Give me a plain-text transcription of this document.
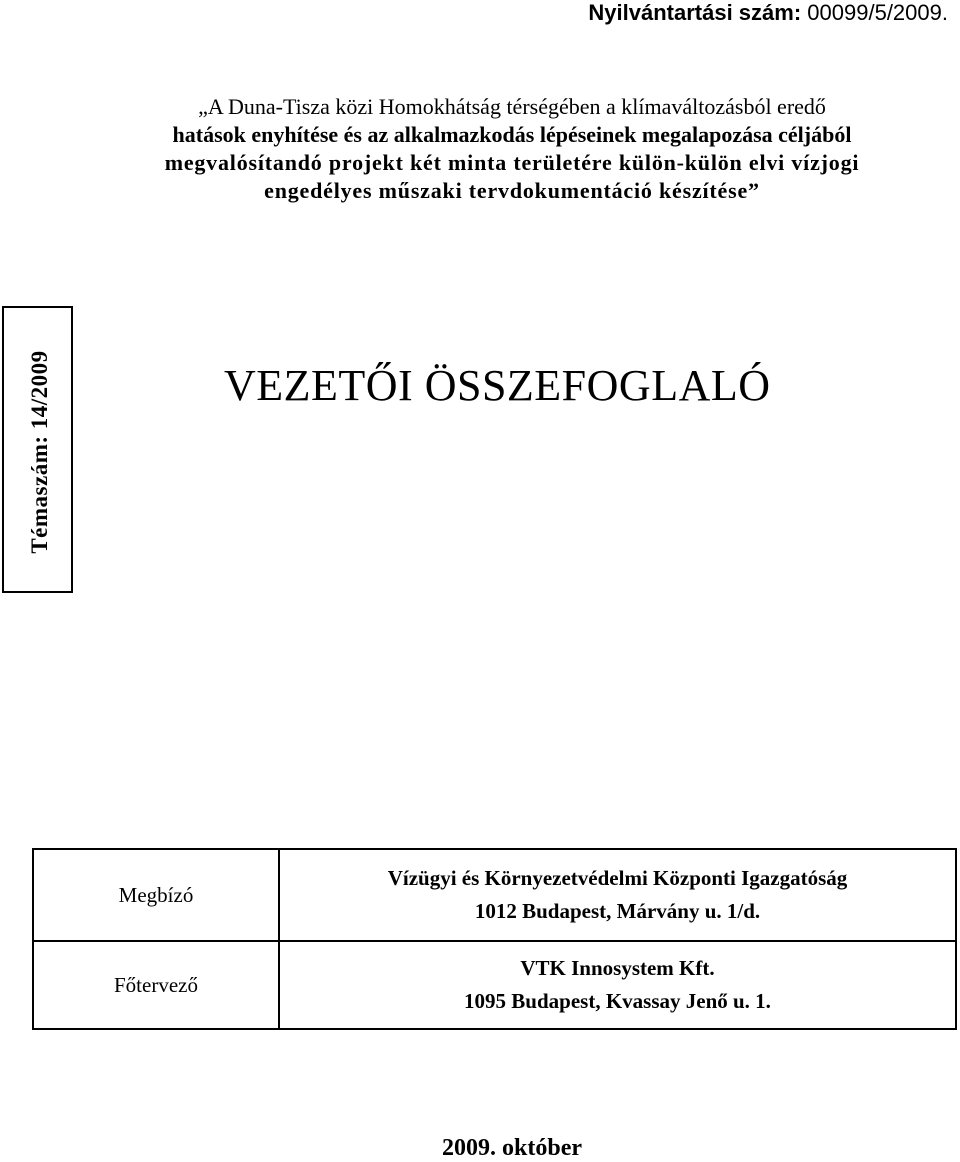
Nyilvántartási szám: 00099/5/2009.
„A Duna-Tisza közi Homokhátság térségében a klímaváltozásból eredő
hatások enyhítése és az alkalmazkodás lépéseinek megalapozása céljából
megvalósítandó projekt két minta területére külön-külön elvi vízjogi
engedélyes műszaki tervdokumentáció készítése”
Témaszám: 14/2009	VEZETŐI ÖSSZEFOGLALÓ
Megbízó	Vízügyi és Környezetvédelmi Központi Igazgatóság
1012 Budapest, Márvány u. 1/d.

Főtervező	VTK Innosystem Kft.
1095 Budapest, Kvassay Jenő u. 1.
2009. október
